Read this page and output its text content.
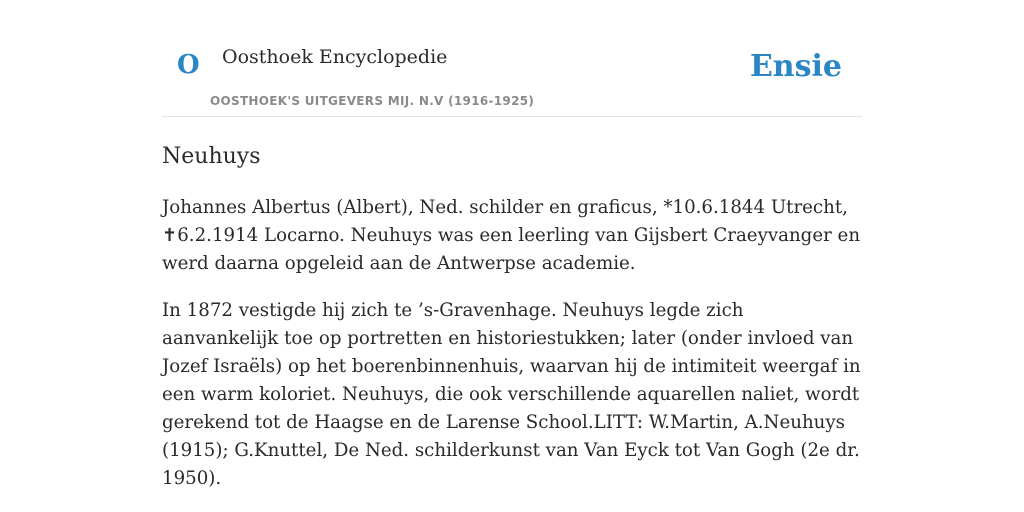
O Oosthoek Encyclopedie
OOSTHOEK'S UITGEVERS MIJ. N.V (1916-1925)
Ensie
Neuhuys

Johannes Albertus (Albert), Ned. schilder en graficus, *10.6.1844 Utrecht, ✝6.2.1914 Locarno. Neuhuys was een leerling van Gijsbert Craeyvanger en werd daarna opgeleid aan de Antwerpse academie.

In 1872 vestigde hij zich te ’s-Gravenhage. Neuhuys legde zich aanvankelijk toe op portretten en historiestukken; later (onder invloed van Jozef Israëls) op het boerenbinnenhuis, waarvan hij de intimiteit weergaf in een warm koloriet. Neuhuys, die ook verschillende aquarellen naliet, wordt gerekend tot de Haagse en de Larense School.LITT: W.Martin, A.Neuhuys (1915); G.Knuttel, De Ned. schilderkunst van Van Eyck tot Van Gogh (2e dr. 1950).
